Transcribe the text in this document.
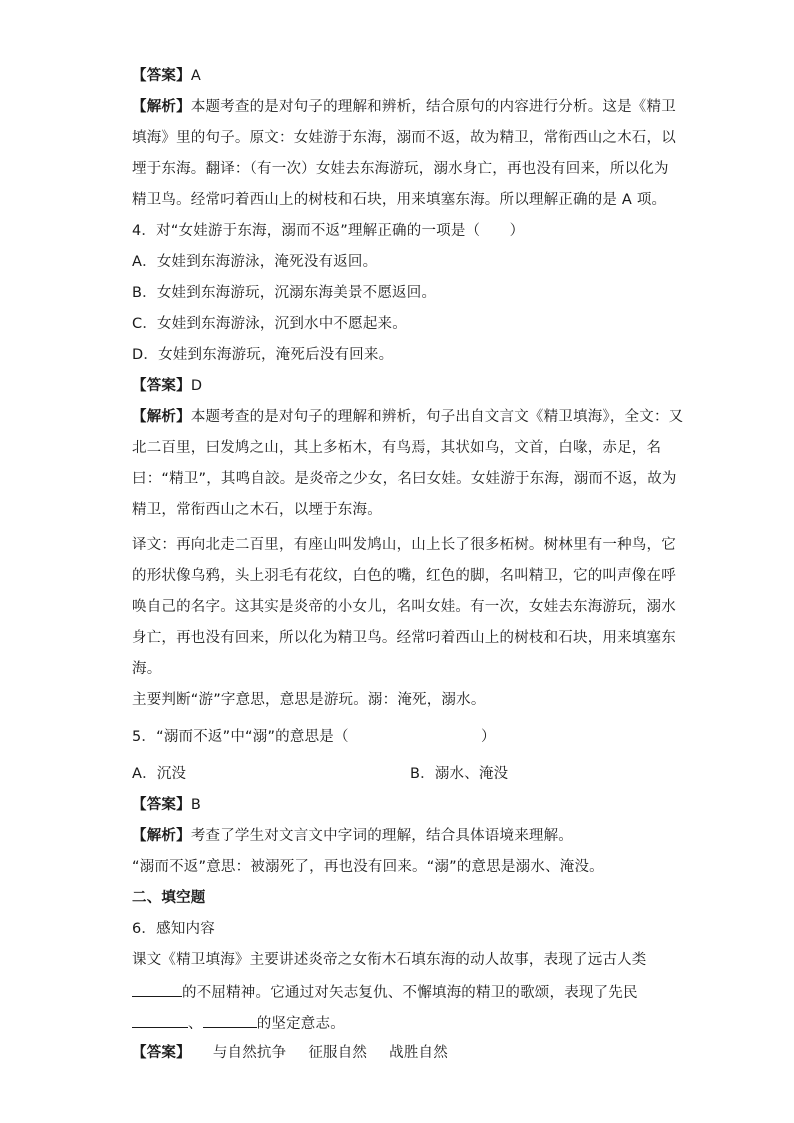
【答案】A
【解析】本题考查的是对句子的理解和辨析，结合原句的内容进行分析。这是《精卫
填海》里的句子。原文：女娃游于东海，溺而不返，故为精卫，常衔西山之木石，以
堙于东海。翻译：（有一次）女娃去东海游玩，溺水身亡，再也没有回来，所以化为
精卫鸟。经常叼着西山上的树枝和石块，用来填塞东海。所以理解正确的是 A 项。
4．对“女娃游于东海，溺而不返”理解正确的一项是（　　）
A．女娃到东海游泳，淹死没有返回。
B．女娃到东海游玩，沉溺东海美景不愿返回。
C．女娃到东海游泳，沉到水中不愿起来。
D．女娃到东海游玩，淹死后没有回来。
【答案】D
【解析】本题考查的是对句子的理解和辨析，句子出自文言文《精卫填海》，全文：又
北二百里，曰发鸠之山，其上多柘木，有鸟焉，其状如乌，文首，白喙，赤足，名
曰：“精卫”，其鸣自詨。是炎帝之少女，名曰女娃。女娃游于东海，溺而不返，故为
精卫，常衔西山之木石，以堙于东海。
译文：再向北走二百里，有座山叫发鸠山，山上长了很多柘树。树林里有一种鸟，它
的形状像乌鸦，头上羽毛有花纹，白色的嘴，红色的脚，名叫精卫，它的叫声像在呼
唤自己的名字。这其实是炎帝的小女儿，名叫女娃。有一次，女娃去东海游玩，溺水
身亡，再也没有回来，所以化为精卫鸟。经常叼着西山上的树枝和石块，用来填塞东
海。
主要判断“游”字意思，意思是游玩。溺：淹死，溺水。
5．“溺而不返”中“溺”的意思是（　　　　　　　　　）
A．沉没	B．溺水、淹没
【答案】B
【解析】考查了学生对文言文中字词的理解，结合具体语境来理解。
“溺而不返”意思：被溺死了，再也没有回来。“溺”的意思是溺水、淹没。
二、填空题
6．感知内容
课文《精卫填海》主要讲述炎帝之女衔木石填东海的动人故事，表现了远古人类
的不屈精神。它通过对矢志复仇、不懈填海的精卫的歌颂，表现了先民
、	的坚定意志。
【答案】 与自然抗争 征服自然 战胜自然
